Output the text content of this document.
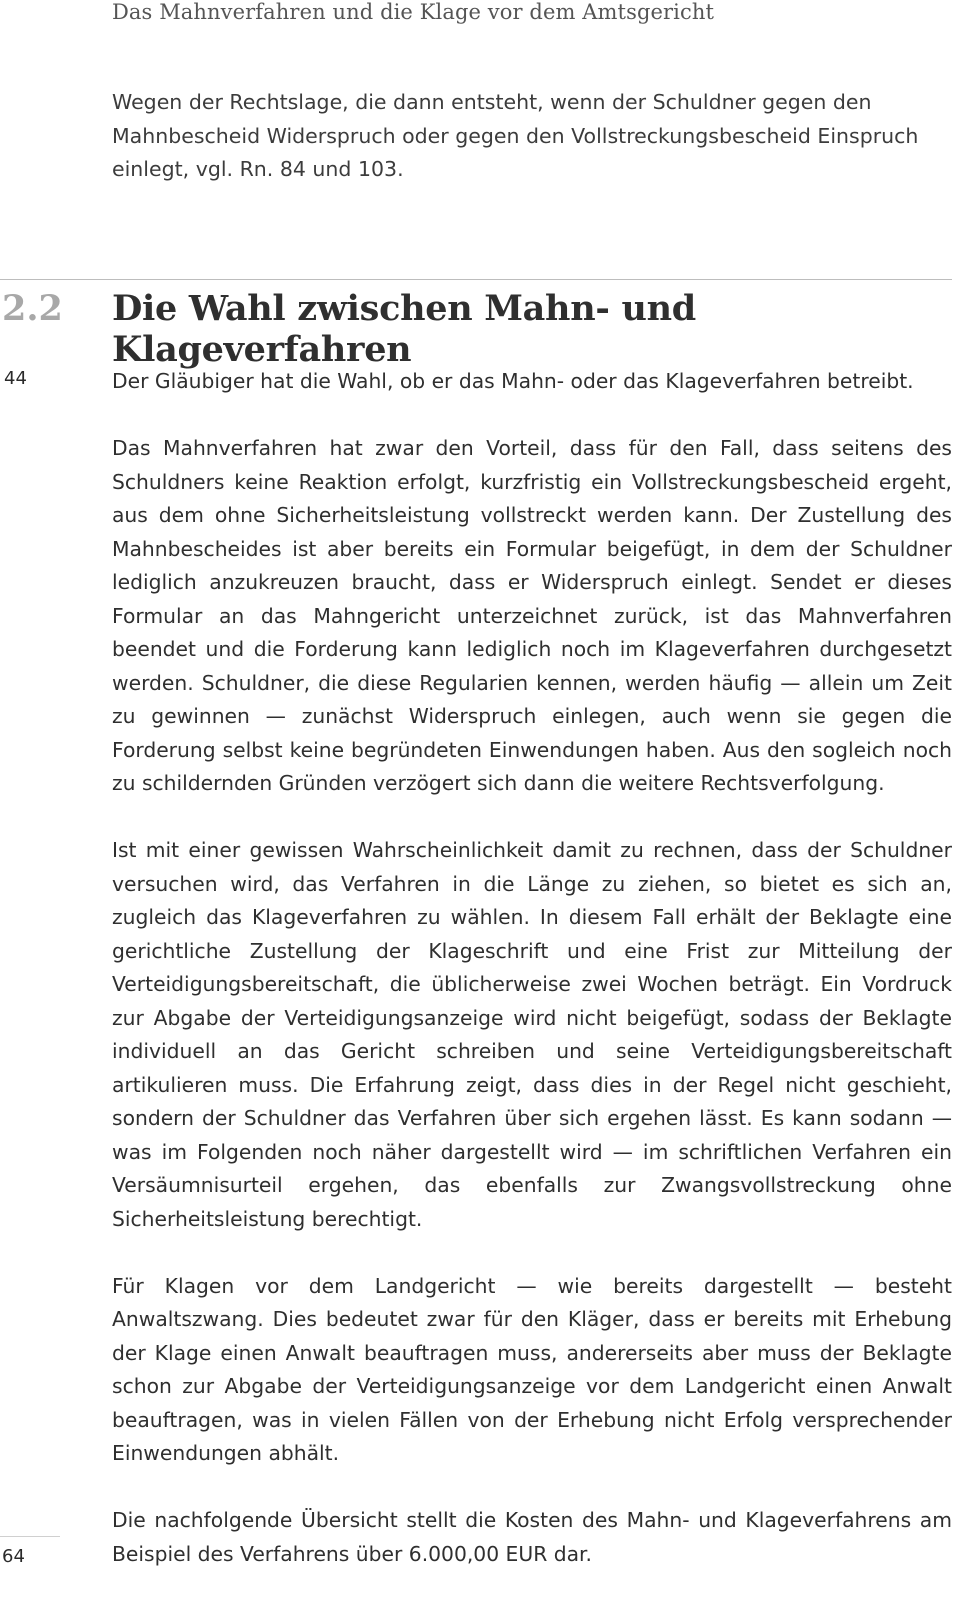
Das Mahnverfahren und die Klage vor dem Amtsgericht
Wegen der Rechtslage, die dann entsteht, wenn der Schuldner gegen den Mahnbescheid Widerspruch oder gegen den Vollstreckungsbescheid Einspruch einlegt, vgl. Rn. 84 und 103.
2.2 Die Wahl zwischen Mahn- und Klageverfahren
44	Der Gläubiger hat die Wahl, ob er das Mahn- oder das Klageverfahren betreibt.

Das Mahnverfahren hat zwar den Vorteil, dass für den Fall, dass seitens des Schuldners keine Reaktion erfolgt, kurzfristig ein Vollstreckungsbescheid ergeht, aus dem ohne Sicherheitsleistung vollstreckt werden kann. Der Zustellung des Mahnbescheides ist aber bereits ein Formular beigefügt, in dem der Schuldner lediglich anzukreuzen braucht, dass er Widerspruch einlegt. Sendet er dieses Formular an das Mahngericht unterzeichnet zurück, ist das Mahnverfahren beendet und die Forderung kann lediglich noch im Klageverfahren durchgesetzt werden. Schuldner, die diese Regularien kennen, werden häufig — allein um Zeit zu gewinnen — zunächst Widerspruch einlegen, auch wenn sie gegen die Forderung selbst keine begründeten Einwendungen haben. Aus den sogleich noch zu schildernden Gründen verzögert sich dann die weitere Rechtsverfolgung.

Ist mit einer gewissen Wahrscheinlichkeit damit zu rechnen, dass der Schuldner versuchen wird, das Verfahren in die Länge zu ziehen, so bietet es sich an, zugleich das Klageverfahren zu wählen. In diesem Fall erhält der Beklagte eine gerichtliche Zustellung der Klageschrift und eine Frist zur Mitteilung der Verteidigungsbereitschaft, die üblicherweise zwei Wochen beträgt. Ein Vordruck zur Abgabe der Verteidigungsanzeige wird nicht beigefügt, sodass der Beklagte individuell an das Gericht schreiben und seine Verteidigungsbereitschaft artikulieren muss. Die Erfahrung zeigt, dass dies in der Regel nicht geschieht, sondern der Schuldner das Verfahren über sich ergehen lässt. Es kann sodann — was im Folgenden noch näher dargestellt wird — im schriftlichen Verfahren ein Versäumnisurteil ergehen, das ebenfalls zur Zwangsvollstreckung ohne Sicherheitsleistung berechtigt.

Für Klagen vor dem Landgericht — wie bereits dargestellt — besteht Anwaltszwang. Dies bedeutet zwar für den Kläger, dass er bereits mit Erhebung der Klage einen Anwalt beauftragen muss, andererseits aber muss der Beklagte schon zur Abgabe der Verteidigungsanzeige vor dem Landgericht einen Anwalt beauftragen, was in vielen Fällen von der Erhebung nicht Erfolg versprechender Einwendungen abhält.

Die nachfolgende Übersicht stellt die Kosten des Mahn- und Klageverfahrens am Beispiel des Verfahrens über 6.000,00 EUR dar.

64
